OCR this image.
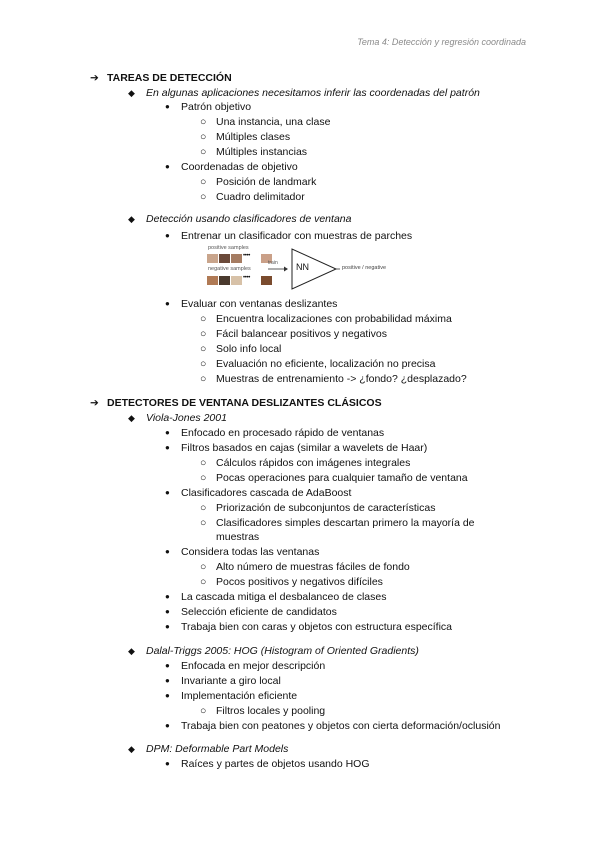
Tema 4: Detección y regresión coordinada
➔ TAREAS DE DETECCIÓN
◆ En algunas aplicaciones necesitamos inferir las coordenadas del patrón
● Patrón objetivo
○ Una instancia, una clase
○ Múltiples clases
○ Múltiples instancias
● Coordenadas de objetivo
○ Posición de landmark
○ Cuadro delimitador
◆ Detección usando clasificadores de ventana
● Entrenar un clasificador con muestras de parches
positive samples
• • • •
negative samples
• • • •
train NN	positive / negative
● Evaluar con ventanas deslizantes
○ Encuentra localizaciones con probabilidad máxima
○ Fácil balancear positivos y negativos
○ Solo info local
○ Evaluación no eficiente, localización no precisa
○ Muestras de entrenamiento -> ¿fondo? ¿desplazado?
➔ DETECTORES DE VENTANA DESLIZANTES CLÁSICOS
◆ Viola-Jones 2001
● Enfocado en procesado rápido de ventanas
● Filtros basados en cajas (similar a wavelets de Haar)
○ Cálculos rápidos con imágenes integrales
○ Pocas operaciones para cualquier tamaño de ventana
● Clasificadores cascada de AdaBoost
○ Priorización de subconjuntos de características
○ Clasificadores simples descartan primero la mayoría de
muestras
● Considera todas las ventanas
○ Alto número de muestras fáciles de fondo
○ Pocos positivos y negativos difíciles
● La cascada mitiga el desbalanceo de clases
● Selección eficiente de candidatos
● Trabaja bien con caras y objetos con estructura específica
◆ Dalal-Triggs 2005: HOG (Histogram of Oriented Gradients)
● Enfocada en mejor descripción
● Invariante a giro local
● Implementación eficiente
○ Filtros locales y pooling
● Trabaja bien con peatones y objetos con cierta deformación/oclusión
◆ DPM: Deformable Part Models
● Raíces y partes de objetos usando HOG
